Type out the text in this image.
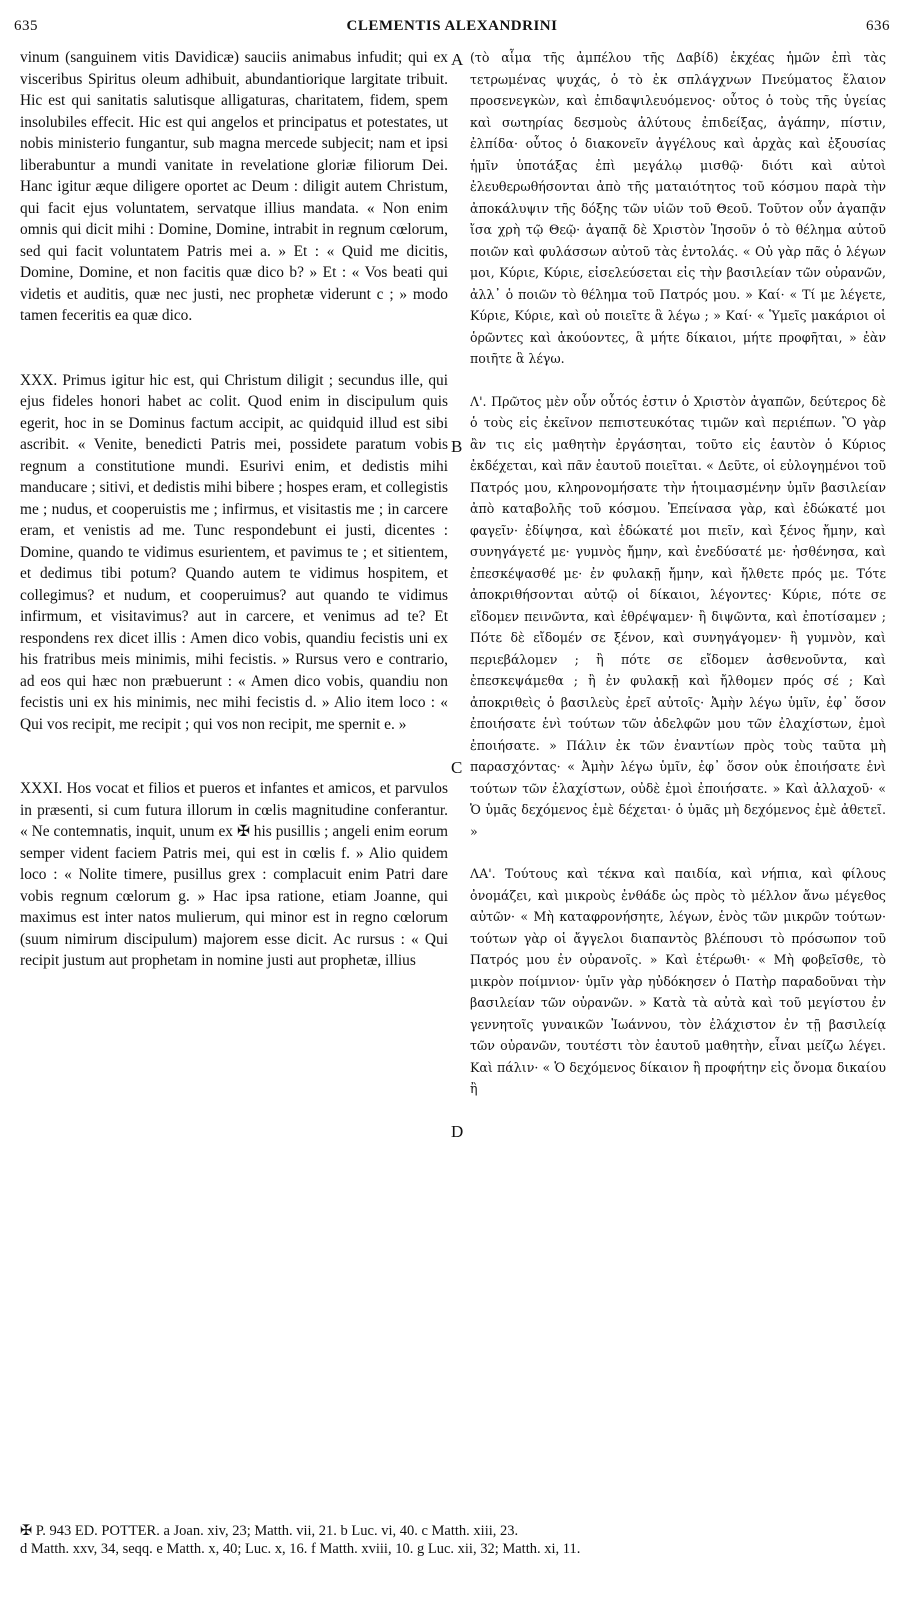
635	CLEMENTIS ALEXANDRINI	636

vinum (sanguinem vitis Davidicæ) sauciis animabus infudit; qui ex visceribus Spiritus oleum adhibuit, abundantiorique largitate tribuit. Hic est qui sanitatis salutisque alligaturas, charitatem, fidem, spem insolubiles effecit. Hic est qui angelos et principatus et potestates, ut nobis ministerio fungantur, sub magna mercede subjecit; nam et ipsi liberabuntur a mundi vanitate in revelatione gloriæ filiorum Dei. Hanc igitur æque diligere oportet ac Deum : diligit autem Christum, qui facit ejus voluntatem, servatque illius mandata. « Non enim omnis qui dicit mihi : Domine, Domine, intrabit in regnum cœlorum, sed qui facit voluntatem Patris mei a. » Et : « Quid me dicitis, Domine, Domine, et non facitis quæ dico b? » Et : « Vos beati qui videtis et auditis, quæ nec justi, nec prophetæ viderunt c ; » modo tamen feceritis ea quæ dico.

XXX. Primus igitur hic est, qui Christum diligit ; secundus ille, qui ejus fideles honori habet ac colit. Quod enim in discipulum quis egerit, hoc in se Dominus factum accipit, ac quidquid illud est sibi ascribit. « Venite, benedicti Patris mei, possidete paratum vobis regnum a constitutione mundi. Esurivi enim, et dedistis mihi manducare ; sitivi, et dedistis mihi bibere ; hospes eram, et collegistis me ; nudus, et cooperuistis me ; infirmus, et visitastis me ; in carcere eram, et venistis ad me. Tunc respondebunt ei justi, dicentes : Domine, quando te vidimus esurientem, et pavimus te ; et sitientem, et dedimus tibi potum? Quando autem te vidimus hospitem, et collegimus? et nudum, et cooperuimus? aut quando te vidimus infirmum, et visitavimus? aut in carcere, et venimus ad te? Et respondens rex dicet illis : Amen dico vobis, quandiu fecistis uni ex his fratribus meis minimis, mihi fecistis. » Rursus vero e contrario, ad eos qui hæc non præbuerunt : « Amen dico vobis, quandiu non fecistis uni ex his minimis, nec mihi fecistis d. » Alio item loco : « Qui vos recipit, me recipit ; qui vos non recipit, me spernit e. »

XXXI. Hos vocat et filios et pueros et infantes et amicos, et parvulos in præsenti, si cum futura illorum in cœlis magnitudine conferantur. « Ne contemnatis, inquit, unum ex ✠ his pusillis ; angeli enim eorum semper vident faciem Patris mei, qui est in cœlis f. » Alio quidem loco : « Nolite timere, pusillus grex : complacuit enim Patri dare vobis regnum cœlorum g. » Hac ipsa ratione, etiam Joanne, qui maximus est inter natos mulierum, qui minor est in regno cœlorum (suum nimirum discipulum) majorem esse dicit. Ac rursus : « Qui recipit justum aut prophetam in nomine justi aut prophetæ, illius

A
B
C
D

(τὸ αἷμα τῆς ἀμπέλου τῆς Δαβίδ) ἐκχέας ἡμῶν ἐπὶ τὰς τετρωμένας ψυχάς, ὁ τὸ ἐκ σπλάγχνων Πνεύματος ἔλαιον προσενεγκὼν, καὶ ἐπιδαψιλευόμενος· οὗτος ὁ τοὺς τῆς ὑγείας καὶ σωτηρίας δεσμοὺς ἀλύτους ἐπιδείξας, ἀγάπην, πίστιν, ἐλπίδα· οὗτος ὁ διακονεῖν ἀγγέλους καὶ ἀρχὰς καὶ ἐξουσίας ἡμῖν ὑποτάξας ἐπὶ μεγάλῳ μισθῷ· διότι καὶ αὐτοὶ ἐλευθερωθήσονται ἀπὸ τῆς ματαιότητος τοῦ κόσμου παρὰ τὴν ἀποκάλυψιν τῆς δόξης τῶν υἱῶν τοῦ Θεοῦ. Τοῦτον οὖν ἀγαπᾷν ἴσα χρὴ τῷ Θεῷ· ἀγαπᾷ δὲ Χριστὸν Ἰησοῦν ὁ τὸ θέλημα αὐτοῦ ποιῶν καὶ φυλάσσων αὐτοῦ τὰς ἐντολάς. « Οὐ γὰρ πᾶς ὁ λέγων μοι, Κύριε, Κύριε, εἰσελεύσεται εἰς τὴν βασιλείαν τῶν οὐρανῶν, ἀλλ᾿ ὁ ποιῶν τὸ θέλημα τοῦ Πατρός μου. » Καί· « Τί με λέγετε, Κύριε, Κύριε, καὶ οὐ ποιεῖτε ἃ λέγω ; » Καί· « Ὑμεῖς μακάριοι οἱ ὁρῶντες καὶ ἀκούοντες, ἃ μήτε δίκαιοι, μήτε προφῆται, » ἐὰν ποιῆτε ἃ λέγω.

Λ'. Πρῶτος μὲν οὖν οὗτός ἐστιν ὁ Χριστὸν ἀγαπῶν, δεύτερος δὲ ὁ τοὺς εἰς ἐκεῖνον πεπιστευκότας τιμῶν καὶ περιέπων. Ὃ γὰρ ἂν τις εἰς μαθητὴν ἐργάσηται, τοῦτο εἰς ἑαυτὸν ὁ Κύριος ἐκδέχεται, καὶ πᾶν ἑαυτοῦ ποιεῖται. « Δεῦτε, οἱ εὐλογημένοι τοῦ Πατρός μου, κληρονομήσατε τὴν ἡτοιμασμένην ὑμῖν βασιλείαν ἀπὸ καταβολῆς τοῦ κόσμου. Ἐπείνασα γὰρ, καὶ ἐδώκατέ μοι φαγεῖν· ἐδίψησα, καὶ ἐδώκατέ μοι πιεῖν, καὶ ξένος ἤμην, καὶ συνηγάγετέ με· γυμνὸς ἤμην, καὶ ἐνεδύσατέ με· ἠσθένησα, καὶ ἐπεσκέψασθέ με· ἐν φυλακῇ ἤμην, καὶ ἤλθετε πρός με. Τότε ἀποκριθήσονται αὐτῷ οἱ δίκαιοι, λέγοντες· Κύριε, πότε σε εἴδομεν πεινῶντα, καὶ ἐθρέψαμεν· ἢ διψῶντα, καὶ ἐποτίσαμεν ; Πότε δὲ εἴδομέν σε ξένον, καὶ συνηγάγομεν· ἢ γυμνὸν, καὶ περιεβάλομεν ; ἢ πότε σε εἴδομεν ἀσθενοῦντα, καὶ ἐπεσκεψάμεθα ; ἢ ἐν φυλακῇ καὶ ἤλθομεν πρός σέ ; Καὶ ἀποκριθεὶς ὁ βασιλεὺς ἐρεῖ αὐτοῖς· Ἀμὴν λέγω ὑμῖν, ἐφ᾿ ὅσον ἐποιήσατε ἑνὶ τούτων τῶν ἀδελφῶν μου τῶν ἐλαχίστων, ἐμοὶ ἐποιήσατε. » Πάλιν ἐκ τῶν ἐναντίων πρὸς τοὺς ταῦτα μὴ παρασχόντας· « Ἀμὴν λέγω ὑμῖν, ἐφ᾿ ὅσον οὐκ ἐποιήσατε ἑνὶ τούτων τῶν ἐλαχίστων, οὐδὲ ἐμοὶ ἐποιήσατε. » Καὶ ἀλλαχοῦ· « Ὁ ὑμᾶς δεχόμενος ἐμὲ δέχεται· ὁ ὑμᾶς μὴ δεχόμενος ἐμὲ ἀθετεῖ. »

ΛΑ'. Τούτους καὶ τέκνα καὶ παιδία, καὶ νήπια, καὶ φίλους ὀνομάζει, καὶ μικροὺς ἐνθάδε ὡς πρὸς τὸ μέλλον ἄνω μέγεθος αὐτῶν· « Μὴ καταφρονήσητε, λέγων, ἑνὸς τῶν μικρῶν τούτων· τούτων γὰρ οἱ ἄγγελοι διαπαντὸς βλέπουσι τὸ πρόσωπον τοῦ Πατρός μου ἐν οὐρανοῖς. » Καὶ ἑτέρωθι· « Μὴ φοβεῖσθε, τὸ μικρὸν ποίμνιον· ὑμῖν γὰρ ηὐδόκησεν ὁ Πατὴρ παραδοῦναι τὴν βασιλείαν τῶν οὐρανῶν. » Κατὰ τὰ αὐτὰ καὶ τοῦ μεγίστου ἐν γεννητοῖς γυναικῶν Ἰωάννου, τὸν ἐλάχιστον ἐν τῇ βασιλείᾳ τῶν οὐρανῶν, τουτέστι τὸν ἑαυτοῦ μαθητὴν, εἶναι μείζω λέγει. Καὶ πάλιν· « Ὁ δεχόμενος δίκαιον ἢ προφήτην εἰς ὄνομα δικαίου ἢ

✠ P. 943 ED. POTTER. a Joan. xiv, 23; Matth. vii, 21. b Luc. vi, 40. c Matth. xiii, 23.
d Matth. xxv, 34, seqq. e Matth. x, 40; Luc. x, 16. f Matth. xviii, 10. g Luc. xii, 32; Matth. xi, 11.
